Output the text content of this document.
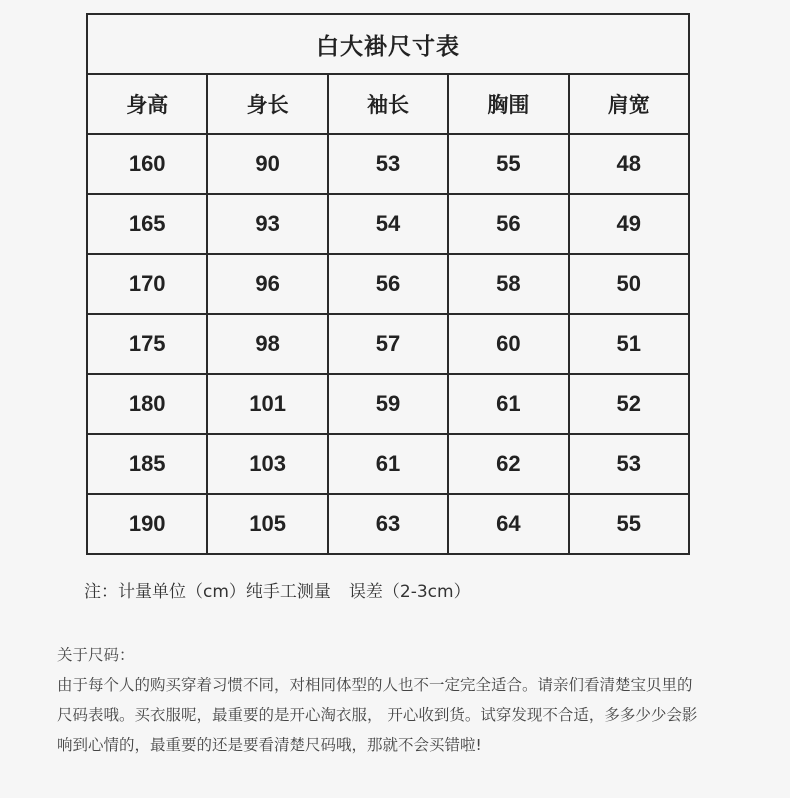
白大褂尺寸表				
身高	身长	袖长	胸围	肩宽
160	90	53	55	48
165	93	54	56	49
170	96	56	58	50
175	98	57	60	51
180	101	59	61	52
185	103	61	62	53
190	105	63	64	55
注：计量单位（cm）纯手工测量 误差（2-3cm）

关于尺码：

由于每个人的购买穿着习惯不同，对相同体型的人也不一定完全适合。请亲们看清楚宝贝里的

尺码表哦。买衣服呢，最重要的是开心淘衣服， 开心收到货。试穿发现不合适，多多少少会影

响到心情的，最重要的还是要看清楚尺码哦，那就不会买错啦!
